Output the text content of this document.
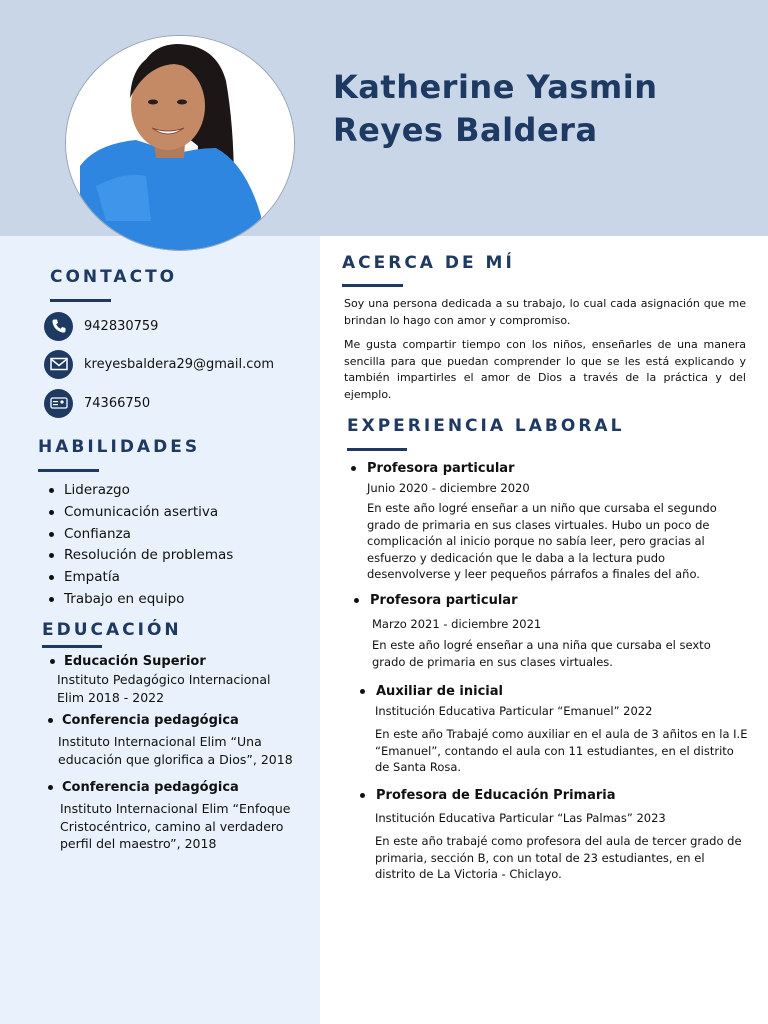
Katherine Yasmin
Reyes Baldera
CONTACTO
942830759
kreyesbaldera29@gmail.com
74366750
HABILIDADES
Liderazgo
Comunicación asertiva
Confianza
Resolución de problemas
Empatía
Trabajo en equipo
EDUCACIÓN
Educación Superior
Instituto Pedagógico Internacional Elim 2018 - 2022
Conferencia pedagógica
Instituto Internacional Elim “Una educación que glorifica a Dios”, 2018
Conferencia pedagógica
Instituto Internacional Elim “Enfoque Cristocéntrico, camino al verdadero perfil del maestro”, 2018
ACERCA DE MÍ
Soy una persona dedicada a su trabajo, lo cual cada asignación que me brindan lo hago con amor y compromiso.
Me gusta compartir tiempo con los niños, enseñarles de una manera sencilla para que puedan comprender lo que se les está explicando y también impartirles el amor de Dios a través de la práctica y del ejemplo.
EXPERIENCIA LABORAL
Profesora particular
Junio 2020 - diciembre 2020
En este año logré enseñar a un niño que cursaba el segundo grado de primaria en sus clases virtuales. Hubo un poco de complicación al inicio porque no sabía leer, pero gracias al esfuerzo y dedicación que le daba a la lectura pudo desenvolverse y leer pequeños párrafos a finales del año.
Profesora particular
Marzo 2021 - diciembre 2021
En este año logré enseñar a una niña que cursaba el sexto grado de primaria en sus clases virtuales.
Auxiliar de inicial
Institución Educativa Particular “Emanuel” 2022
En este año Trabajé como auxiliar en el aula de 3 añitos en la I.E “Emanuel”, contando el aula con 11 estudiantes, en el distrito de Santa Rosa.
Profesora de Educación Primaria
Institución Educativa Particular “Las Palmas” 2023
En este año trabajé como profesora del aula de tercer grado de primaria, sección B, con un total de 23 estudiantes, en el distrito de La Victoria - Chiclayo.
